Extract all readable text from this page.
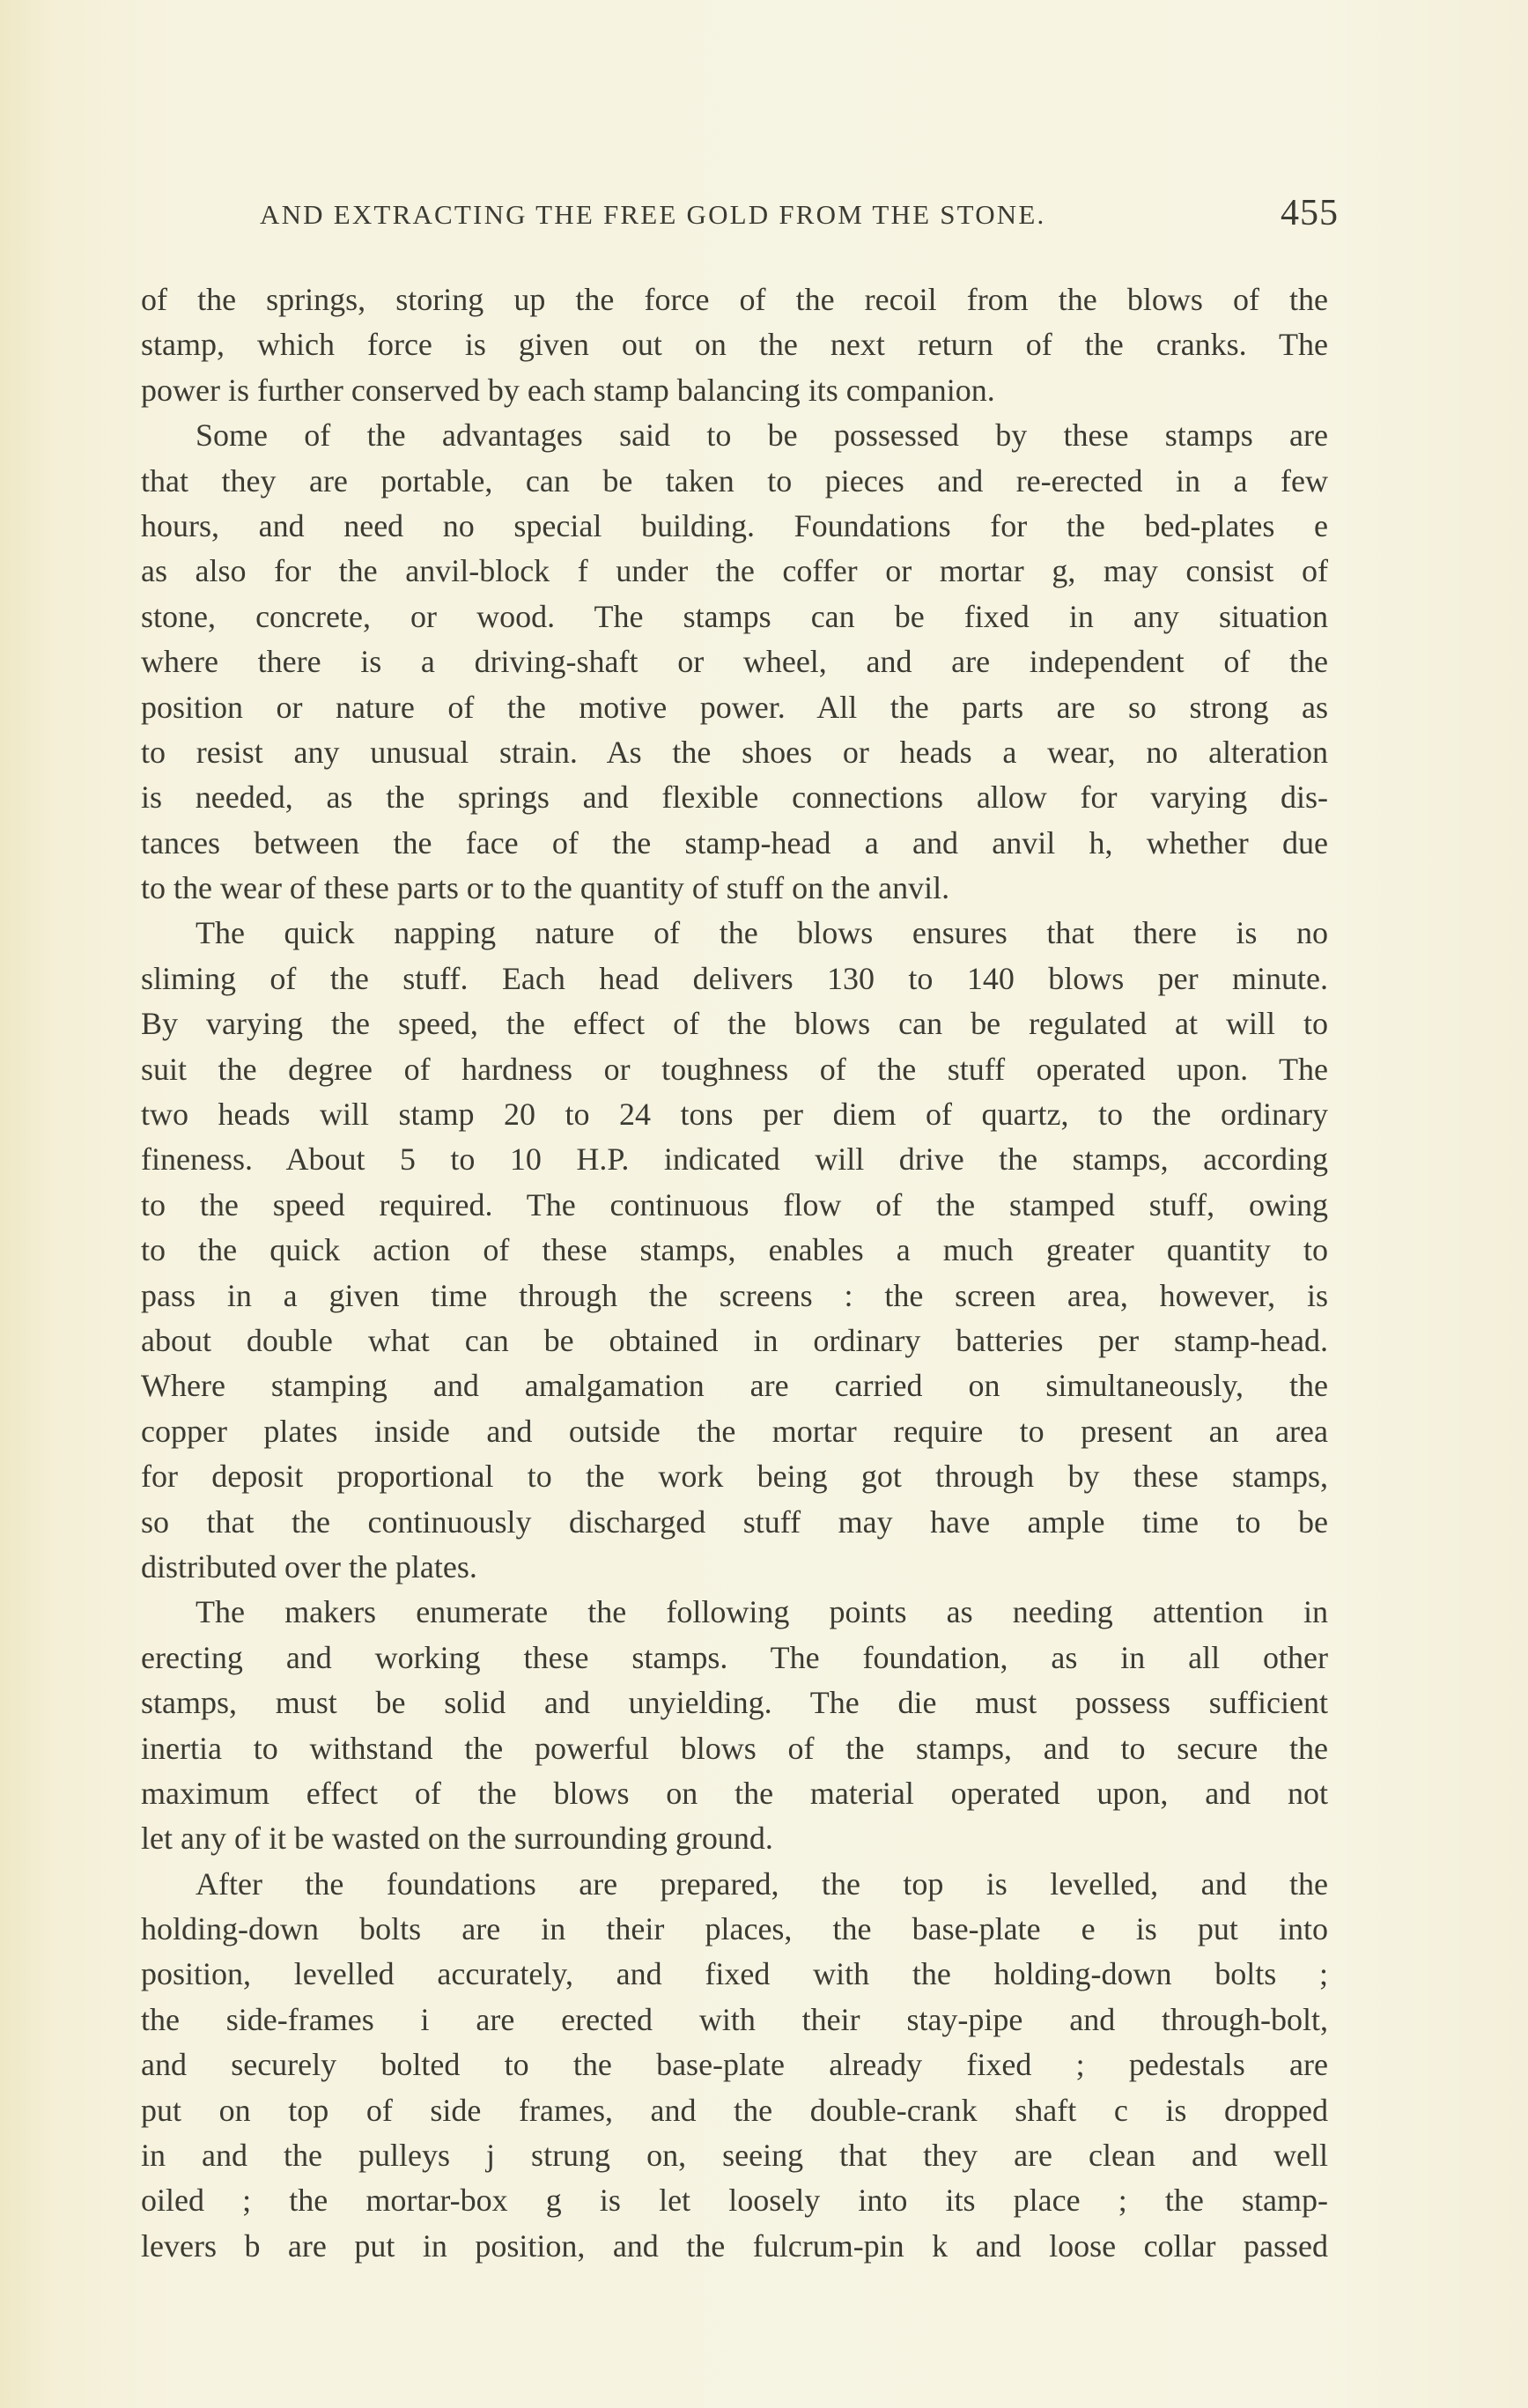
AND EXTRACTING THE FREE GOLD FROM THE STONE.	455
of the springs, storing up the force of the recoil from the blows of the
stamp, which force is given out on the next return of the cranks. The
power is further conserved by each stamp balancing its companion.
Some of the advantages said to be possessed by these stamps are
that they are portable, can be taken to pieces and re-erected in a few
hours, and need no special building. Foundations for the bed-plates e
as also for the anvil-block f under the coffer or mortar g, may consist of
stone, concrete, or wood. The stamps can be fixed in any situation
where there is a driving-shaft or wheel, and are independent of the
position or nature of the motive power. All the parts are so strong as
to resist any unusual strain. As the shoes or heads a wear, no alteration
is needed, as the springs and flexible connections allow for varying dis-
tances between the face of the stamp-head a and anvil h, whether due
to the wear of these parts or to the quantity of stuff on the anvil.
The quick napping nature of the blows ensures that there is no
sliming of the stuff. Each head delivers 130 to 140 blows per minute.
By varying the speed, the effect of the blows can be regulated at will to
suit the degree of hardness or toughness of the stuff operated upon. The
two heads will stamp 20 to 24 tons per diem of quartz, to the ordinary
fineness. About 5 to 10 H.P. indicated will drive the stamps, according
to the speed required. The continuous flow of the stamped stuff, owing
to the quick action of these stamps, enables a much greater quantity to
pass in a given time through the screens : the screen area, however, is
about double what can be obtained in ordinary batteries per stamp-head.
Where stamping and amalgamation are carried on simultaneously, the
copper plates inside and outside the mortar require to present an area
for deposit proportional to the work being got through by these stamps,
so that the continuously discharged stuff may have ample time to be
distributed over the plates.
The makers enumerate the following points as needing attention in
erecting and working these stamps. The foundation, as in all other
stamps, must be solid and unyielding. The die must possess sufficient
inertia to withstand the powerful blows of the stamps, and to secure the
maximum effect of the blows on the material operated upon, and not
let any of it be wasted on the surrounding ground.
After the foundations are prepared, the top is levelled, and the
holding-down bolts are in their places, the base-plate e is put into
position, levelled accurately, and fixed with the holding-down bolts ;
the side-frames i are erected with their stay-pipe and through-bolt,
and securely bolted to the base-plate already fixed ; pedestals are
put on top of side frames, and the double-crank shaft c is dropped
in and the pulleys j strung on, seeing that they are clean and well
oiled ; the mortar-box g is let loosely into its place ; the stamp-
levers b are put in position, and the fulcrum-pin k and loose collar passed
